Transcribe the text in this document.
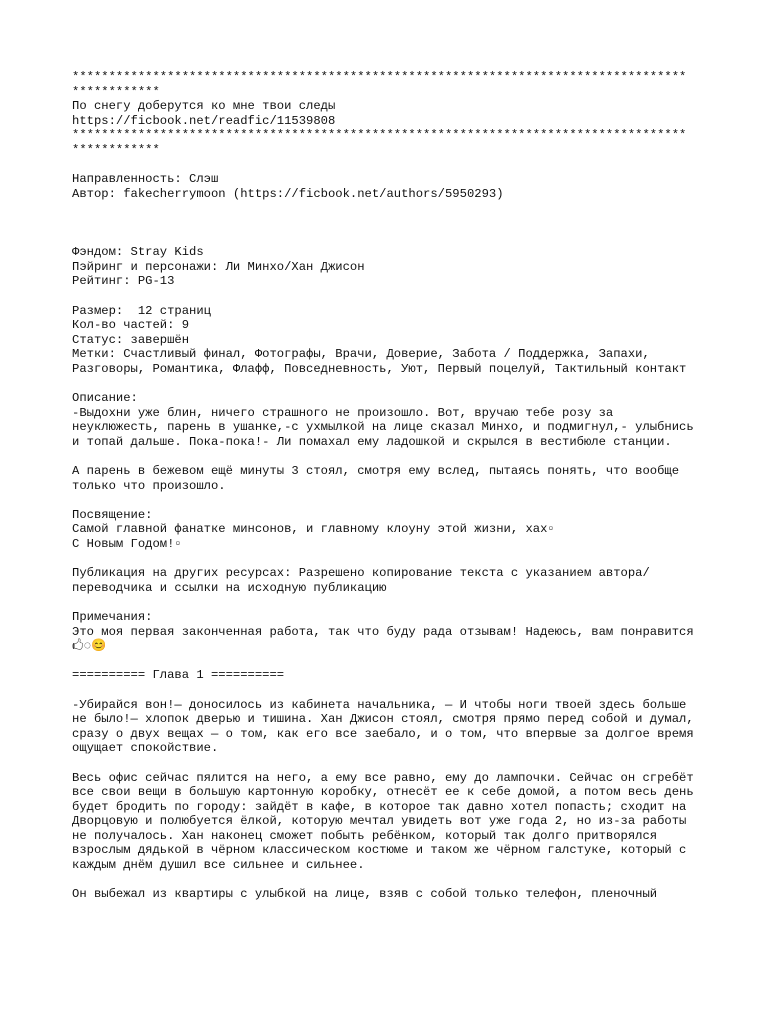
************************************************************************************
************
По снегу доберутся ко мне твои следы
https://ficbook.net/readfic/11539808
************************************************************************************
************
Направленность: Слэш
Автор: fakecherrymoon (https://ficbook.net/authors/5950293)
Фэндом: Stray Kids
Пэйринг и персонажи: Ли Минхо/Хан Джисон
Рейтинг: PG-13
Размер:  12 страниц
Кол-во частей: 9
Статус: завершён
Метки: Счастливый финал, Фотографы, Врачи, Доверие, Забота / Поддержка, Запахи, Разговоры, Романтика, Флафф, Повседневность, Уют, Первый поцелуй, Тактильный контакт
Описание:
-Выдохни уже блин, ничего страшного не произошло. Вот, вручаю тебе розу за неуклюжесть, парень в ушанке,-с ухмылкой на лице сказал Минхо, и подмигнул,- улыбнись и топай дальше. Пока-пока!- Ли помахал ему ладошкой и скрылся в вестибюле станции.
А парень в бежевом ещё минуты 3 стоял, смотря ему вслед, пытаясь понять, что вообще только что произошло.
Посвящение:
Самой главной фанатке минсонов, и главному клоуну этой жизни, хах▫
С Новым Годом!▫
Публикация на других ресурсах: Разрешено копирование текста с указанием автора/переводчика и ссылки на исходную публикацию
Примечания:
Это моя первая законченная работа, так что буду рада отзывам! Надеюсь, вам понравится🖒◌😊
========== Глава 1 ==========
-Убирайся вон!— доносилось из кабинета начальника, — И чтобы ноги твоей здесь больше не было!— хлопок дверью и тишина. Хан Джисон стоял, смотря прямо перед собой и думал, сразу о двух вещах — о том, как его все заебало, и о том, что впервые за долгое время ощущает спокойствие.
Весь офис сейчас пялится на него, а ему все равно, ему до лампочки. Сейчас он сгребёт все свои вещи в большую картонную коробку, отнесёт ее к себе домой, а потом весь день будет бродить по городу: зайдёт в кафе, в которое так давно хотел попасть; сходит на Дворцовую и полюбуется ёлкой, которую мечтал увидеть вот уже года 2, но из-за работы не получалось. Хан наконец сможет побыть ребёнком, который так долго притворялся взрослым дядькой в чёрном классическом костюме и таком же чёрном галстуке, который с каждым днём душил все сильнее и сильнее.
Он выбежал из квартиры с улыбкой на лице, взяв с собой только телефон, пленочный
